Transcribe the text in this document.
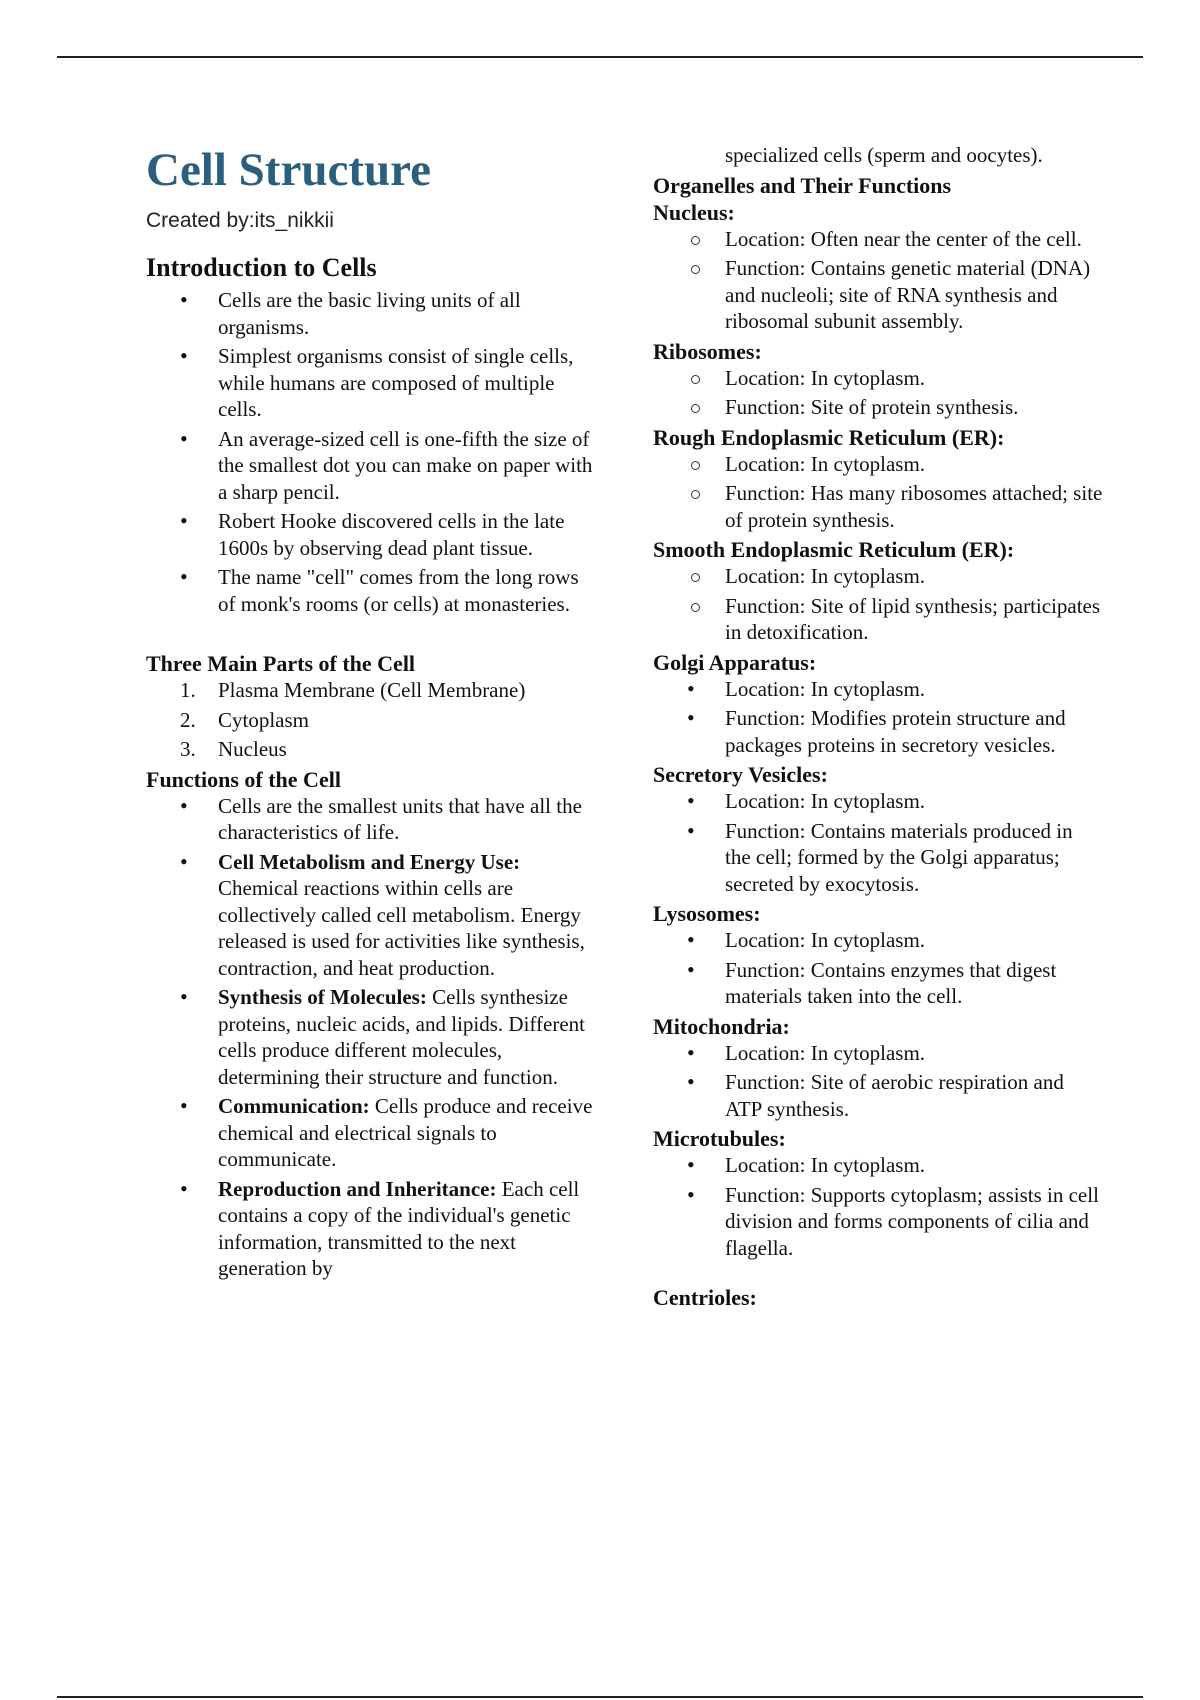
Cell Structure
Created by:its_nikkii
Introduction to Cells
•
Cells are the basic living units of all organisms.
•
Simplest organisms consist of single cells, while humans are composed of multiple cells.
•
An average-sized cell is one-fifth the size of the smallest dot you can make on paper with a sharp pencil.
•
Robert Hooke discovered cells in the late 1600s by observing dead plant tissue.
•
The name "cell" comes from the long rows of monk's rooms (or cells) at monasteries.
Three Main Parts of the Cell
1.	Plasma Membrane (Cell Membrane)
2.	Cytoplasm
3.	Nucleus
Functions of the Cell
•
Cells are the smallest units that have all the characteristics of life.
•
Cell Metabolism and Energy Use: Chemical reactions within cells are collectively called cell metabolism. Energy released is used for activities like synthesis, contraction, and heat production.
•
Synthesis of Molecules: Cells synthesize proteins, nucleic acids, and lipids. Different cells produce different molecules, determining their structure and function.
•
Communication: Cells produce and receive chemical and electrical signals to communicate.
•
Reproduction and Inheritance: Each cell contains a copy of the individual's genetic information, transmitted to the next generation by
specialized cells (sperm and oocytes).
Organelles and Their Functions
Nucleus:
Location: Often near the center of the cell.
Function: Contains genetic material (DNA) and nucleoli; site of RNA synthesis and ribosomal subunit assembly.
Ribosomes:
Location: In cytoplasm.
Function: Site of protein synthesis.
Rough Endoplasmic Reticulum (ER):
Location: In cytoplasm.
Function: Has many ribosomes attached; site of protein synthesis.
Smooth Endoplasmic Reticulum (ER):
Location: In cytoplasm.
Function: Site of lipid synthesis; participates in detoxification.
Golgi Apparatus:
•
Location: In cytoplasm.
•
Function: Modifies protein structure and packages proteins in secretory vesicles.
Secretory Vesicles:
•
Location: In cytoplasm.
•
Function: Contains materials produced in the cell; formed by the Golgi apparatus; secreted by exocytosis.
Lysosomes:
•
Location: In cytoplasm.
•
Function: Contains enzymes that digest materials taken into the cell.
Mitochondria:
•
Location: In cytoplasm.
•
Function: Site of aerobic respiration and ATP synthesis.
Microtubules:
•
Location: In cytoplasm.
•
Function: Supports cytoplasm; assists in cell division and forms components of cilia and flagella.
Centrioles:
